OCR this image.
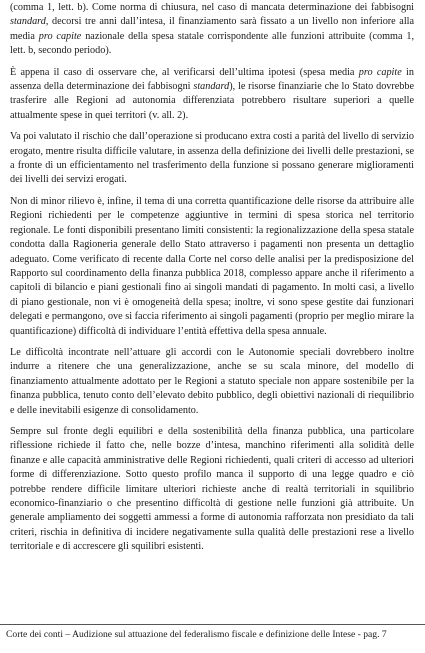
(comma 1, lett. b). Come norma di chiusura, nel caso di mancata determinazione dei fabbisogni standard, decorsi tre anni dall’intesa, il finanziamento sarà fissato a un livello non inferiore alla media pro capite nazionale della spesa statale corrispondente alle funzioni attribuite (comma 1, lett. b, secondo periodo).

È appena il caso di osservare che, al verificarsi dell’ultima ipotesi (spesa media pro capite in assenza della determinazione dei fabbisogni standard), le risorse finanziarie che lo Stato dovrebbe trasferire alle Regioni ad autonomia differenziata potrebbero risultare superiori a quelle attualmente spese in quei territori (v. all. 2).

Va poi valutato il rischio che dall’operazione si producano extra costi a parità del livello di servizio erogato, mentre risulta difficile valutare, in assenza della definizione dei livelli delle prestazioni, se a fronte di un efficientamento nel trasferimento della funzione si possano generare miglioramenti dei livelli dei servizi erogati.

Non di minor rilievo è, infine, il tema di una corretta quantificazione delle risorse da attribuire alle Regioni richiedenti per le competenze aggiuntive in termini di spesa storica nel territorio regionale. Le fonti disponibili presentano limiti consistenti: la regionalizzazione della spesa statale condotta dalla Ragioneria generale dello Stato attraverso i pagamenti non presenta un dettaglio adeguato. Come verificato di recente dalla Corte nel corso delle analisi per la predisposizione del Rapporto sul coordinamento della finanza pubblica 2018, complesso appare anche il riferimento a capitoli di bilancio e piani gestionali fino ai singoli mandati di pagamento. In molti casi, a livello di piano gestionale, non vi è omogeneità della spesa; inoltre, vi sono spese gestite dai funzionari delegati e permangono, ove si faccia riferimento ai singoli pagamenti (proprio per meglio mirare la quantificazione) difficoltà di individuare l’entità effettiva della spesa annuale.

Le difficoltà incontrate nell’attuare gli accordi con le Autonomie speciali dovrebbero inoltre indurre a ritenere che una generalizzazione, anche se su scala minore, del modello di finanziamento attualmente adottato per le Regioni a statuto speciale non appare sostenibile per la finanza pubblica, tenuto conto dell’elevato debito pubblico, degli obiettivi nazionali di riequilibrio e delle inevitabili esigenze di consolidamento.

Sempre sul fronte degli equilibri e della sostenibilità della finanza pubblica, una particolare riflessione richiede il fatto che, nelle bozze d’intesa, manchino riferimenti alla solidità delle finanze e alle capacità amministrative delle Regioni richiedenti, quali criteri di accesso ad ulteriori forme di differenziazione. Sotto questo profilo manca il supporto di una legge quadro e ciò potrebbe rendere difficile limitare ulteriori richieste anche di realtà territoriali in squilibrio economico-finanziario o che presentino difficoltà di gestione nelle funzioni già attribuite. Un generale ampliamento dei soggetti ammessi a forme di autonomia rafforzata non presidiato da tali criteri, rischia in definitiva di incidere negativamente sulla qualità delle prestazioni rese a livello territoriale e di accrescere gli squilibri esistenti.

Corte dei conti – Audizione sul attuazione del federalismo fiscale e definizione delle Intese - pag. 7
